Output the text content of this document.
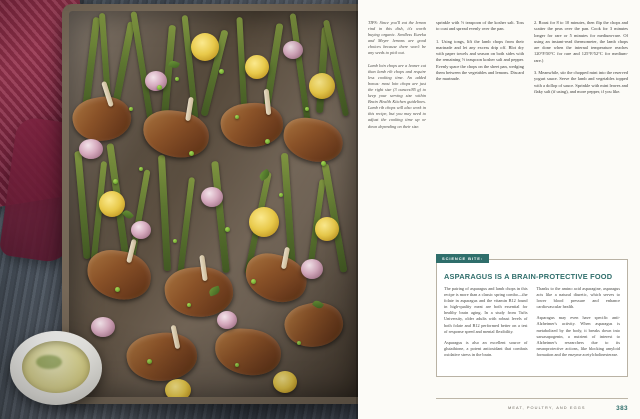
TIPS: Since you'll eat the lemon rind in this dish, it's worth buying organic. Seedless Eureka and Meyer lemons are good choices because there won't be any seeds to pick out.

Lamb loin chops are a leaner cut than lamb rib chops and require less cooking time. An added bonus: most loin chops are just the right size (3 ounces/85 g) to keep your serving size within Brain Health Kitchen guidelines. Lamb rib chops will also work in this recipe, but you may need to adjust the cooking time up or down depending on their size.

sprinkle with ½ teaspoon of the kosher salt. Toss to coat and spread evenly over the pan.

1. Using tongs, lift the lamb chops from their marinade and let any excess drip off. Blot dry with paper towels and season on both sides with the remaining ½ teaspoon kosher salt and pepper. Evenly space the chops on the sheet pan, wedging them between the vegetables and lemons. Discard the marinade.

2. Roast for 8 to 10 minutes, then flip the chops and scatter the peas over the pan. Cook for 3 minutes longer for rare or 5 minutes for medium-rare. Of using an instant-read thermometer, the lamb chops are done when the internal temperature reaches 120°F/50°C for rare and 125°F/52°C for medium-rare.)

3. Meanwhile, stir the chopped mint into the reserved yogurt sauce. Serve the lamb and vegetables topped with a dollop of sauce. Sprinkle with mint leaves and flaky salt (if using), and more pepper, if you like.

SCIENCE BITE:
ASPARAGUS IS A BRAIN-PROTECTIVE FOOD

The pairing of asparagus and lamb chops in this recipe is more than a classic spring combo—the folate in asparagus and the vitamin B12 found in high-quality meat are both essential for healthy brain aging. In a study from Tufts University, older adults with robust levels of both folate and B12 performed better on a test of response speed and mental flexibility.

Asparagus is also an excellent source of glutathione, a potent antioxidant that combats oxidative stress in the brain.

Thanks to the amino acid asparagine, asparagus acts like a natural diuretic, which serves to lower blood pressure and enhance cardiovascular health.

Asparagus may even have specific anti-Alzheimer's activity. When asparagus is metabolized by the body, it breaks down into sarsasapogenin, a nutrient of interest to Alzheimer's researchers due to its neuroprotective actions, like blocking amyloid formation and the enzyme acetylcholinesterase.

MEAT, POULTRY, AND EGGS	383
